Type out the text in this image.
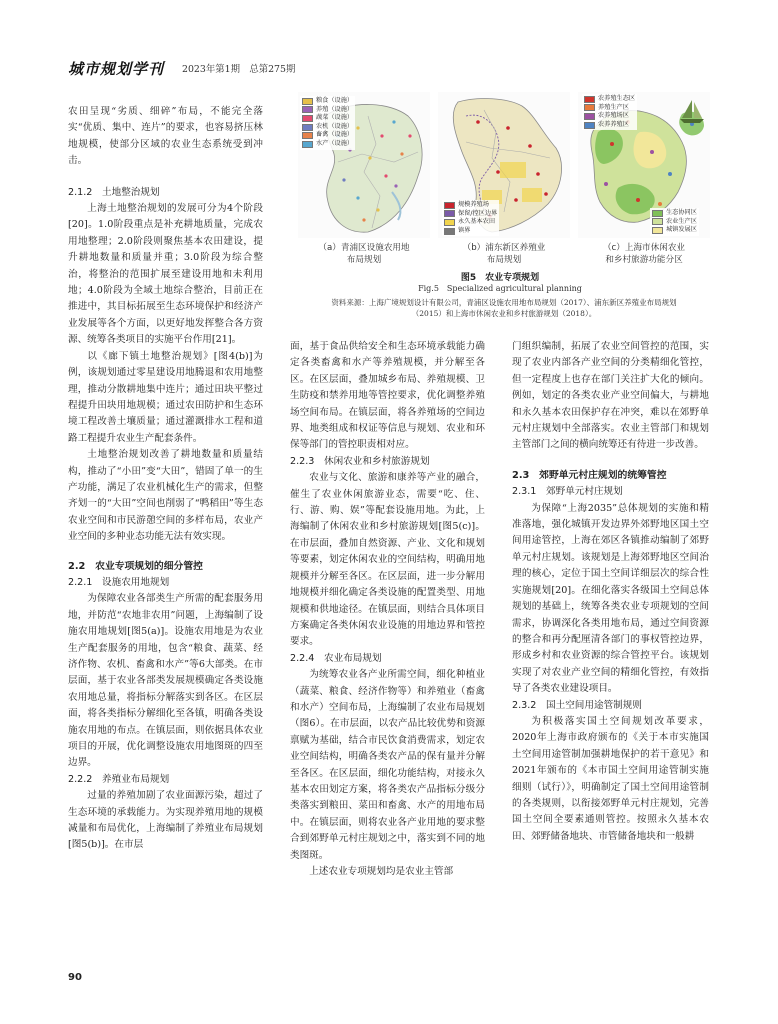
城市规划学刊 2023年第1期　总第275期

农田呈现“劣质、细碎”布局，不能完全落实“优质、集中、连片”的要求，也容易挤压林地规模，使部分区域的农业生态系统受到冲击。

2.1.2　土地整治规划

上海土地整治规划的发展可分为4个阶段[20]。1.0阶段重点是补充耕地质量，完成农用地整理；2.0阶段则聚焦基本农田建设，提升耕地数量和质量并重；3.0阶段为综合整治，将整治的范围扩展至建设用地和未利用地；4.0阶段为全域土地综合整治，目前正在推进中，其目标拓展至生态环境保护和经济产业发展等各个方面，以更好地发挥整合各方资源、统筹各类项目的实施平台作用[21]。

以《廊下镇土地整治规划》[图4(b)]为例，该规划通过零星建设用地腾退和农用地整理，推动分散耕地集中连片；通过田块平整过程提升田块用地规模；通过农田防护和生态环境工程改善土壤质量；通过灌溉排水工程和道路工程提升农业生产配套条件。

土地整治规划改善了耕地数量和质量结构，推动了“小田”变“大田”，错固了单一的生产功能，满足了农业机械化生产的需求，但整齐划一的“大田”空间也削弱了“鸭稻田”等生态农业空间和市民游憩空间的多样布局，农业产业空间的多种业态功能无法有效实现。

2.2　农业专项规划的细分管控

2.2.1　设施农用地规划

为保障农业各部类生产所需的配套服务用地，并防范“农地非农用”问题，上海编制了设施农用地规划[图5(a)]。设施农用地是为农业生产配套服务的用地，包含“粮食、蔬菜、经济作物、农机、畜禽和水产”等6大部类。在市层面，基于农业各部类发展规模确定各类设施农用地总量，将指标分解落实到各区。在区层面，将各类指标分解细化至各镇，明确各类设施农用地的布点。在镇层面，则依据具体农业项目的开展，优化调整设施农用地图斑的四至边界。

2.2.2　养殖业布局规划

过量的养殖加剧了农业面源污染，超过了生态环境的承载能力。为实现养殖用地的规模减量和布局优化，上海编制了养殖业布局规划[图5(b)]。在市层

粮食（设施）
养殖（设施）
蔬菜（设施）
农机（设施）
畜禽（设施）
水产（设施）
规模养殖场
保留/控区边界
永久基本农田
镇界
农养殖生态区
养殖生产区
农养殖场区
农养养殖区
生态协同区
农业生产区
城镇发展区
（a）青浦区设施农用地
布局规划
（b）浦东新区养殖业
布局规划
（c）上海市休闲农业
和乡村旅游功能分区
图5　农业专项规划
Fig.5　Specialized agricultural planning
资料来源：上海广境规划设计有限公司，青浦区设施农用地布局规划（2017）、浦东新区养殖业布局规划
（2015）和上海市休闲农业和乡村旅游规划（2018）。

面，基于食品供给安全和生态环境承载能力确定各类畜禽和水产等养殖规模，并分解至各区。在区层面，叠加城乡布局、养殖规模、卫生防疫和禁养用地等管控要求，优化调整养殖场空间布局。在镇层面，将各养殖场的空间边界、地类组成和权证等信息与规划、农业和环保等部门的管控职责相对应。

2.2.3　休闲农业和乡村旅游规划

农业与文化、旅游和康养等产业的融合，催生了农业休闲旅游业态，需要“吃、住、行、游、购、娱”等配套设施用地。为此，上海编制了休闲农业和乡村旅游规划[图5(c)]。在市层面，叠加自然资源、产业、文化和规划等要素，划定休闲农业的空间结构，明确用地规模并分解至各区。在区层面，进一步分解用地规模并细化确定各类设施的配置类型、用地规模和供地途径。在镇层面，则结合具体项目方案确定各类休闲农业设施的用地边界和管控要求。

2.2.4　农业布局规划

为统筹农业各产业所需空间，细化种植业（蔬菜、粮食、经济作物等）和养殖业（畜禽和水产）空间布局，上海编制了农业布局规划（图6）。在市层面，以农产品比较优势和资源禀赋为基础，结合市民饮食消费需求，划定农业空间结构，明确各类农产品的保有量并分解至各区。在区层面，细化功能结构，对接永久基本农田划定方案，将各类农产品指标分级分类落实到粮田、菜田和畜禽、水产的用地布局中。在镇层面，则将农业各产业用地的要求整合到郊野单元村庄规划之中，落实到不同的地类图斑。

上述农业专项规划均是农业主管部

门组织编制，拓展了农业空间管控的范围，实现了农业内部各产业空间的分类精细化管控，但一定程度上也存在部门关注扩大化的倾向。例如，划定的各类农业产业空间偏大，与耕地和永久基本农田保护存在冲突，难以在郊野单元村庄规划中全部落实。农业主管部门和规划主管部门之间的横向统筹还有待进一步改善。

2.3　郊野单元村庄规划的统筹管控

2.3.1　郊野单元村庄规划

为保障“上海2035”总体规划的实施和精准落地，强化城镇开发边界外郊野地区国土空间用途管控，上海在郊区各镇推动编制了郊野单元村庄规划。该规划是上海郊野地区空间治理的核心，定位于国土空间详细层次的综合性实施规划[20]。在细化落实各级国土空间总体规划的基础上，统筹各类农业专项规划的空间需求，协调深化各类用地布局，通过空间资源的整合和再分配厘清各部门的事权管控边界，形成乡村和农业资源的综合管控平台。该规划实现了对农业产业空间的精细化管控，有效指导了各类农业建设项目。

2.3.2　国土空间用途管制规则

为积极落实国土空间规划改革要求，2020年上海市政府颁布的《关于本市实施国土空间用途管制加强耕地保护的若干意见》和2021年颁布的《本市国土空间用途管制实施细则（试行）》，明确制定了国土空间用途管制的各类规则，以衔接郊野单元村庄规划，完善国土空间全要素通则管控。按照永久基本农田、郊野储备地块、市管储备地块和一般耕

90
